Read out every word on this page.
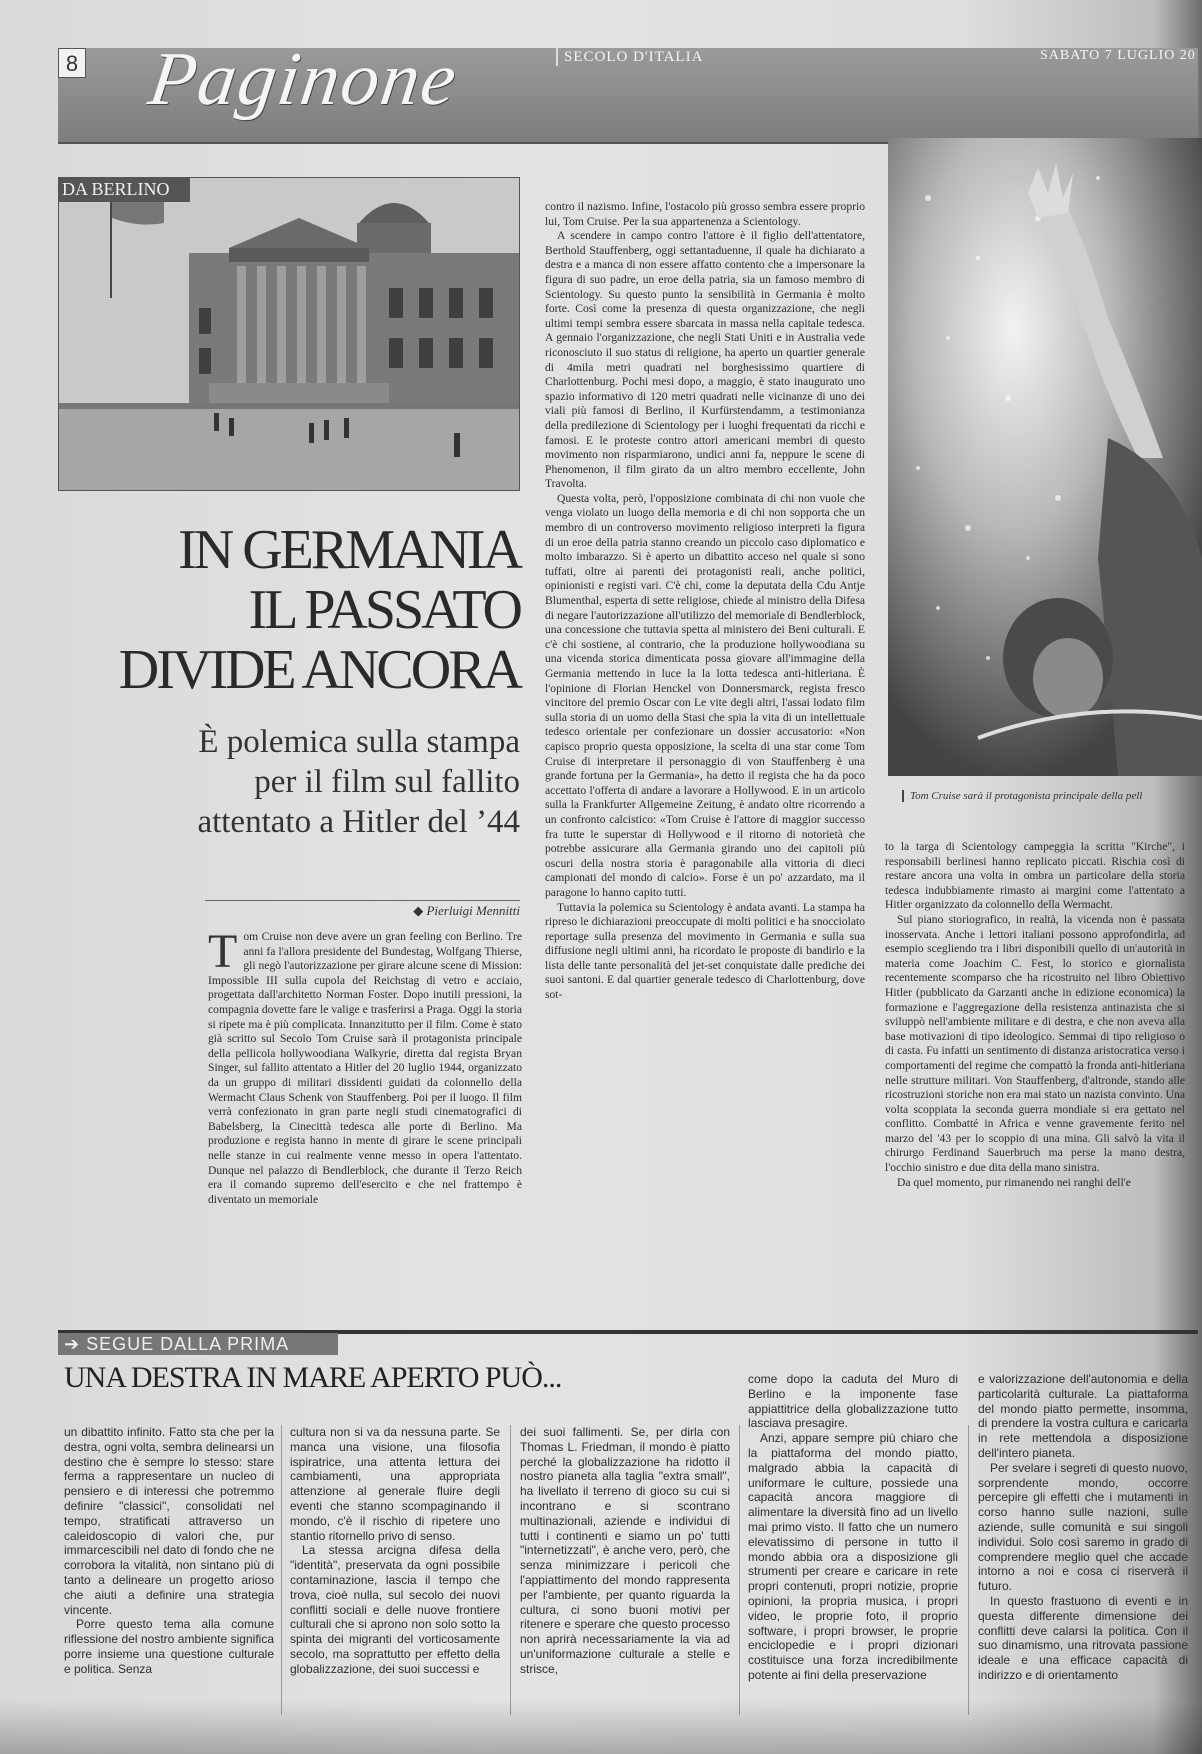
8 Paginone	SECOLO D'ITALIA	SABATO 7 LUGLIO 20
DA BERLINO
Tom Cruise sarà il protagonista principale della pell
IN GERMANIA
IL PASSATO
DIVIDE ANCORA
È polemica sulla stampa
per il film sul fallito
attentato a Hitler del ’44
◆ Pierluigi Mennitti

Tom Cruise non deve avere un gran feeling con Berlino. Tre anni fa l'allora presidente del Bundestag, Wolfgang Thierse, gli negò l'autorizzazione per girare alcune scene di Mission: Impossible III sulla cupola del Reichstag di vetro e acciaio, progettata dall'architetto Norman Foster. Dopo inutili pressioni, la compagnia dovette fare le valige e trasferirsi a Praga. Oggi la storia si ripete ma è più complicata. Innanzitutto per il film. Come è stato già scritto sul Secolo Tom Cruise sarà il protagonista principale della pellicola hollywoodiana Walkyrie, diretta dal regista Bryan Singer, sul fallito attentato a Hitler del 20 luglio 1944, organizzato da un gruppo di militari dissidenti guidati da colonnello della Wermacht Claus Schenk von Stauffenberg. Poi per il luogo. Il film verrà confezionato in gran parte negli studi cinematografici di Babelsberg, la Cinecittà tedesca alle porte di Berlino. Ma produzione e regista hanno in mente di girare le scene principali nelle stanze in cui realmente venne messo in opera l'attentato. Dunque nel palazzo di Bendlerblock, che durante il Terzo Reich era il comando supremo dell'esercito e che nel frattempo è diventato un memoriale

contro il nazismo. Infine, l'ostacolo più grosso sembra essere proprio lui, Tom Cruise. Per la sua appartenenza a Scientology.

A scendere in campo contro l'attore è il figlio dell'attentatore, Berthold Stauffenberg, oggi settantaduenne, il quale ha dichiarato a destra e a manca di non essere affatto contento che a impersonare la figura di suo padre, un eroe della patria, sia un famoso membro di Scientology. Su questo punto la sensibilità in Germania è molto forte. Così come la presenza di questa organizzazione, che negli ultimi tempi sembra essere sbarcata in massa nella capitale tedesca. A gennaio l'organizzazione, che negli Stati Uniti e in Australia vede riconosciuto il suo status di religione, ha aperto un quartier generale di 4mila metri quadrati nel borghesissimo quartiere di Charlottenburg. Pochi mesi dopo, a maggio, è stato inaugurato uno spazio informativo di 120 metri quadrati nelle vicinanze di uno dei viali più famosi di Berlino, il Kurfürstendamm, a testimonianza della predilezione di Scientology per i luoghi frequentati da ricchi e famosi. E le proteste contro attori americani membri di questo movimento non risparmiarono, undici anni fa, neppure le scene di Phenomenon, il film girato da un altro membro eccellente, John Travolta.

Questa volta, però, l'opposizione combinata di chi non vuole che venga violato un luogo della memoria e di chi non sopporta che un membro di un controverso movimento religioso interpreti la figura di un eroe della patria stanno creando un piccolo caso diplomatico e molto imbarazzo. Si è aperto un dibattito acceso nel quale si sono tuffati, oltre ai parenti dei protagonisti reali, anche politici, opinionisti e registi vari. C'è chi, come la deputata della Cdu Antje Blumenthal, esperta di sette religiose, chiede al ministro della Difesa di negare l'autorizzazione all'utilizzo del memoriale di Bendlerblock, una concessione che tuttavia spetta al ministero dei Beni culturali. E c'è chi sostiene, al contrario, che la produzione hollywoodiana su una vicenda storica dimenticata possa giovare all'immagine della Germania mettendo in luce la la lotta tedesca anti-hitleriana. È l'opinione di Florian Henckel von Donnersmarck, regista fresco vincitore del premio Oscar con Le vite degli altri, l'assai lodato film sulla storia di un uomo della Stasi che spia la vita di un intellettuale tedesco orientale per confezionare un dossier accusatorio: «Non capisco proprio questa opposizione, la scelta di una star come Tom Cruise di interpretare il personaggio di von Stauffenberg è una grande fortuna per la Germania», ha detto il regista che ha da poco accettato l'offerta di andare a lavorare a Hollywood. E in un articolo sulla la Frankfurter Allgemeine Zeitung, è andato oltre ricorrendo a un confronto calcistico: «Tom Cruise è l'attore di maggior successo fra tutte le superstar di Hollywood e il ritorno di notorietà che potrebbe assicurare alla Germania girando uno dei capitoli più oscuri della nostra storia è paragonabile alla vittoria di dieci campionati del mondo di calcio». Forse è un po' azzardato, ma il paragone lo hanno capito tutti.

Tuttavia la polemica su Scientology è andata avanti. La stampa ha ripreso le dichiarazioni preoccupate di molti politici e ha snocciolato reportage sulla presenza del movimento in Germania e sulla sua diffusione negli ultimi anni, ha ricordato le proposte di bandirlo e la lista delle tante personalità del jet-set conquistate dalle prediche dei suoi santoni. E dal quartier generale tedesco di Charlottenburg, dove sot-

to la targa di Scientology campeggia la scritta "Kirche", i responsabili berlinesi hanno replicato piccati. Rischia così di restare ancora una volta in ombra un particolare della storia tedesca indubbiamente rimasto ai margini come l'attentato a Hitler organizzato da colonnello della Wermacht.

Sul piano storiografico, in realtà, la vicenda non è passata inosservata. Anche i lettori italiani possono approfondirla, ad esempio scegliendo tra i libri disponibili quello di un'autorità in materia come Joachim C. Fest, lo storico e giornalista recentemente scomparso che ha ricostruito nel libro Obiettivo Hitler (pubblicato da Garzanti anche in edizione economica) la formazione e l'aggregazione della resistenza antinazista che si sviluppò nell'ambiente militare e di destra, e che non aveva alla base motivazioni di tipo ideologico. Semmai di tipo religioso o di casta. Fu infatti un sentimento di distanza aristocratica verso i comportamenti del regime che compattò la fronda anti-hitleriana nelle strutture militari. Von Stauffenberg, d'altronde, stando alle ricostruzioni storiche non era mai stato un nazista convinto. Una volta scoppiata la seconda guerra mondiale si era gettato nel conflitto. Combatté in Africa e venne gravemente ferito nel marzo del '43 per lo scoppio di una mina. Gli salvò la vita il chirurgo Ferdinand Sauerbruch ma perse la mano destra, l'occhio sinistro e due dita della mano sinistra.

Da quel momento, pur rimanendo nei ranghi dell'e

➔ SEGUE DALLA PRIMA
UNA DESTRA IN MARE APERTO PUÒ...

un dibattito infinito. Fatto sta che per la destra, ogni volta, sembra delinearsi un destino che è sempre lo stesso: stare ferma a rappresentare un nucleo di pensiero e di interessi che potremmo definire "classici", consolidati nel tempo, stratificati attraverso un caleidoscopio di valori che, pur immarcescibili nel dato di fondo che ne corrobora la vitalità, non sintano più di tanto a delineare un progetto arioso che aiuti a definire una strategia vincente.

Porre questo tema alla comune riflessione del nostro ambiente significa porre insieme una questione culturale e politica. Senza

cultura non si va da nessuna parte. Se manca una visione, una filosofia ispiratrice, una attenta lettura dei cambiamenti, una appropriata attenzione al generale fluire degli eventi che stanno scompaginando il mondo, c'è il rischio di ripetere uno stantio ritornello privo di senso.

La stessa arcigna difesa della "identità", preservata da ogni possibile contaminazione, lascia il tempo che trova, cioè nulla, sul secolo dei nuovi conflitti sociali e delle nuove frontiere culturali che si aprono non solo sotto la spinta dei migranti del vorticosamente secolo, ma soprattutto per effetto della globalizzazione, dei suoi successi e

dei suoi fallimenti. Se, per dirla con Thomas L. Friedman, il mondo è piatto perché la globalizzazione ha ridotto il nostro pianeta alla taglia "extra small", ha livellato il terreno di gioco su cui si incontrano e si scontrano multinazionali, aziende e individui di tutti i continenti e siamo un po' tutti "internetizzati", è anche vero, però, che senza minimizzare i pericoli che l'appiattimento del mondo rappresenta per l'ambiente, per quanto riguarda la cultura, ci sono buoni motivi per ritenere e sperare che questo processo non aprirà necessariamente la via ad un'uniformazione culturale a stelle e strisce,

come dopo la caduta del Muro di Berlino e la imponente fase appiattitrice della globalizzazione tutto lasciava presagire.

Anzi, appare sempre più chiaro che la piattaforma del mondo piatto, malgrado abbia la capacità di uniformare le culture, possiede una capacità ancora maggiore di alimentare la diversità fino ad un livello mai primo visto. Il fatto che un numero elevatissimo di persone in tutto il mondo abbia ora a disposizione gli strumenti per creare e caricare in rete propri contenuti, propri notizie, proprie opinioni, la propria musica, i propri video, le proprie foto, il proprio software, i propri browser, le proprie enciclopedie e i propri dizionari costituisce una forza incredibilmente potente ai fini della preservazione

e valorizzazione dell'autonomia e della particolarità culturale. La piattaforma del mondo piatto permette, insomma, di prendere la vostra cultura e caricarla in rete mettendola a disposizione dell'intero pianeta.

Per svelare i segreti di questo nuovo, sorprendente mondo, occorre percepire gli effetti che i mutamenti in corso hanno sulle nazioni, sulle aziende, sulle comunità e sui singoli individui. Solo così saremo in grado di comprendere meglio quel che accade intorno a noi e cosa ci riserverà il futuro.

In questo frastuono di eventi e in questa differente dimensione dei conflitti deve calarsi la politica. Con il suo dinamismo, una ritrovata passione ideale e una efficace capacità di indirizzo e di orientamento
